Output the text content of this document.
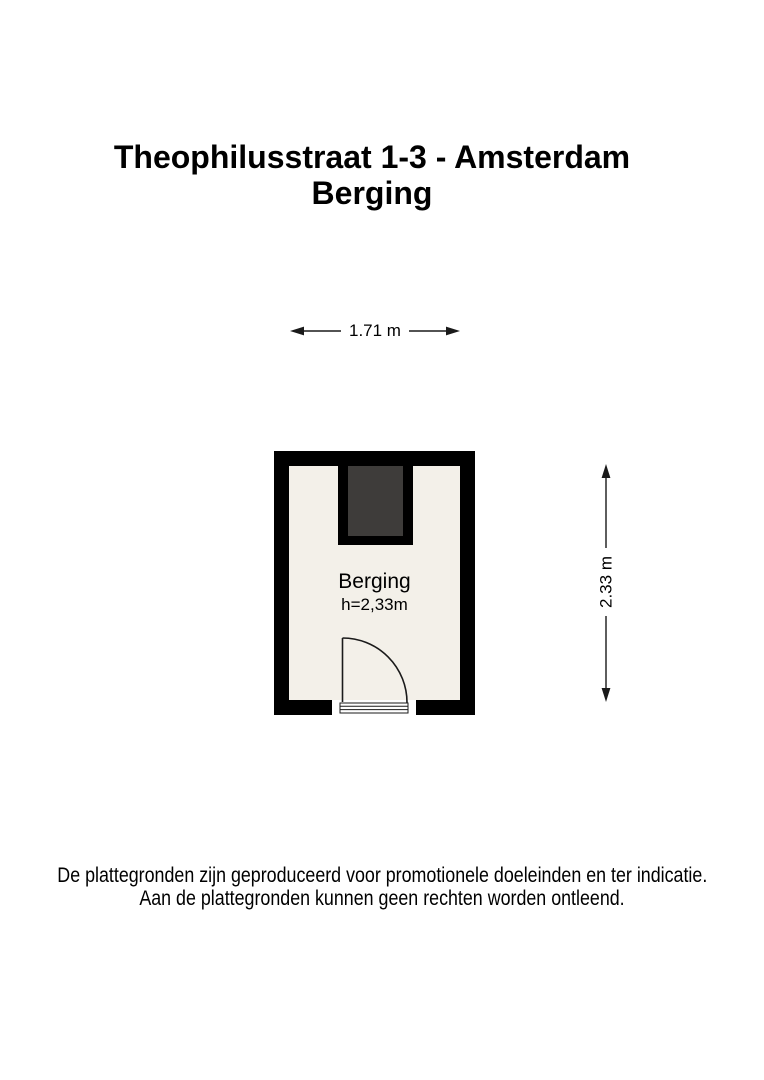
Theophilusstraat 1-3 - Amsterdam
Berging
1.71 m
2.33 m
Berging
h=2,33m
De plattegronden zijn geproduceerd voor promotionele doeleinden en ter indicatie.
Aan de plattegronden kunnen geen rechten worden ontleend.
